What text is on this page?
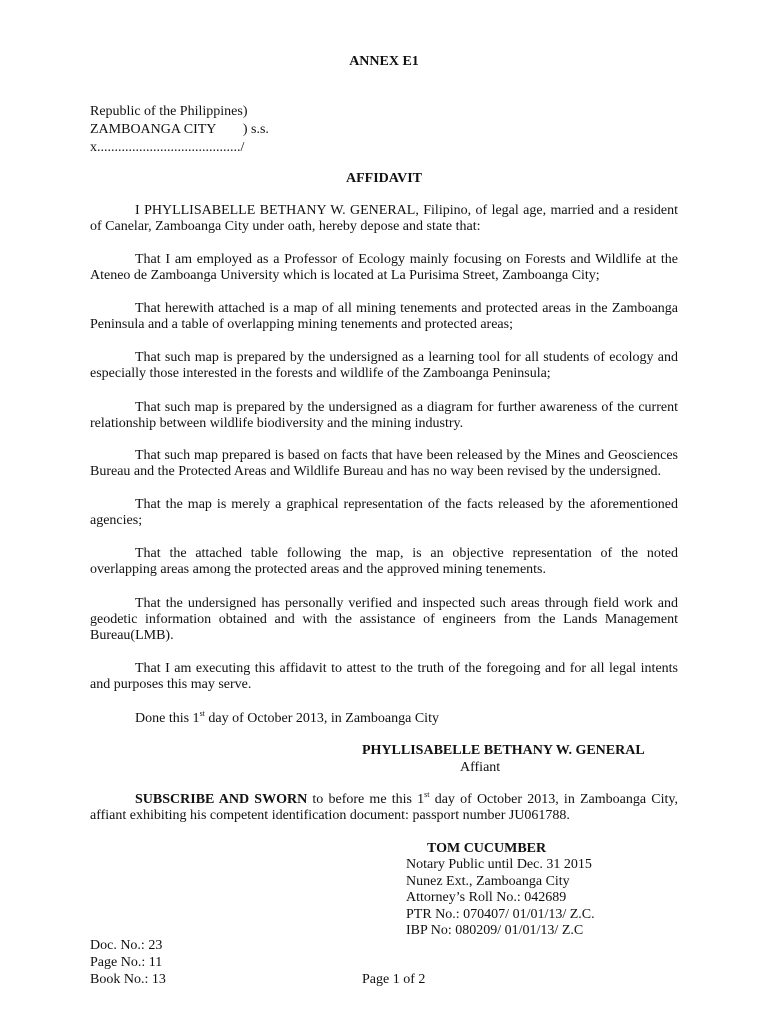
ANNEX E1
Republic of the Philippines)
ZAMBOANGA CITY ) s.s.
x........................................./
AFFIDAVIT
I PHYLLISABELLE BETHANY W. GENERAL, Filipino, of legal age, married and a resident of Canelar, Zamboanga City under oath, hereby depose and state that:
That I am employed as a Professor of Ecology mainly focusing on Forests and Wildlife at the Ateneo de Zamboanga University which is located at La Purisima Street, Zamboanga City;
That herewith attached is a map of all mining tenements and protected areas in the Zamboanga Peninsula and a table of overlapping mining tenements and protected areas;
That such map is prepared by the undersigned as a learning tool for all students of ecology and especially those interested in the forests and wildlife of the Zamboanga Peninsula;
That such map is prepared by the undersigned as a diagram for further awareness of the current relationship between wildlife biodiversity and the mining industry.
That such map prepared is based on facts that have been released by the Mines and Geosciences Bureau and the Protected Areas and Wildlife Bureau and has no way been revised by the undersigned.
That the map is merely a graphical representation of the facts released by the aforementioned agencies;
That the attached table following the map, is an objective representation of the noted overlapping areas among the protected areas and the approved mining tenements.
That the undersigned has personally verified and inspected such areas through field work and geodetic information obtained and with the assistance of engineers from the Lands Management Bureau(LMB).
That I am executing this affidavit to attest to the truth of the foregoing and for all legal intents and purposes this may serve.
Done this 1st day of October 2013, in Zamboanga City
PHYLLISABELLE BETHANY W. GENERAL
Affiant
SUBSCRIBE AND SWORN to before me this 1st day of October 2013, in Zamboanga City,
affiant exhibiting his competent identification document: passport number JU061788.
TOM CUCUMBER
Notary Public until Dec. 31 2015
Nunez Ext., Zamboanga City
Attorney’s Roll No.: 042689
PTR No.: 070407/ 01/01/13/ Z.C.
IBP No: 080209/ 01/01/13/ Z.C
Doc. No.: 23
Page No.: 11
Book No.: 13	Page 1 of 2
